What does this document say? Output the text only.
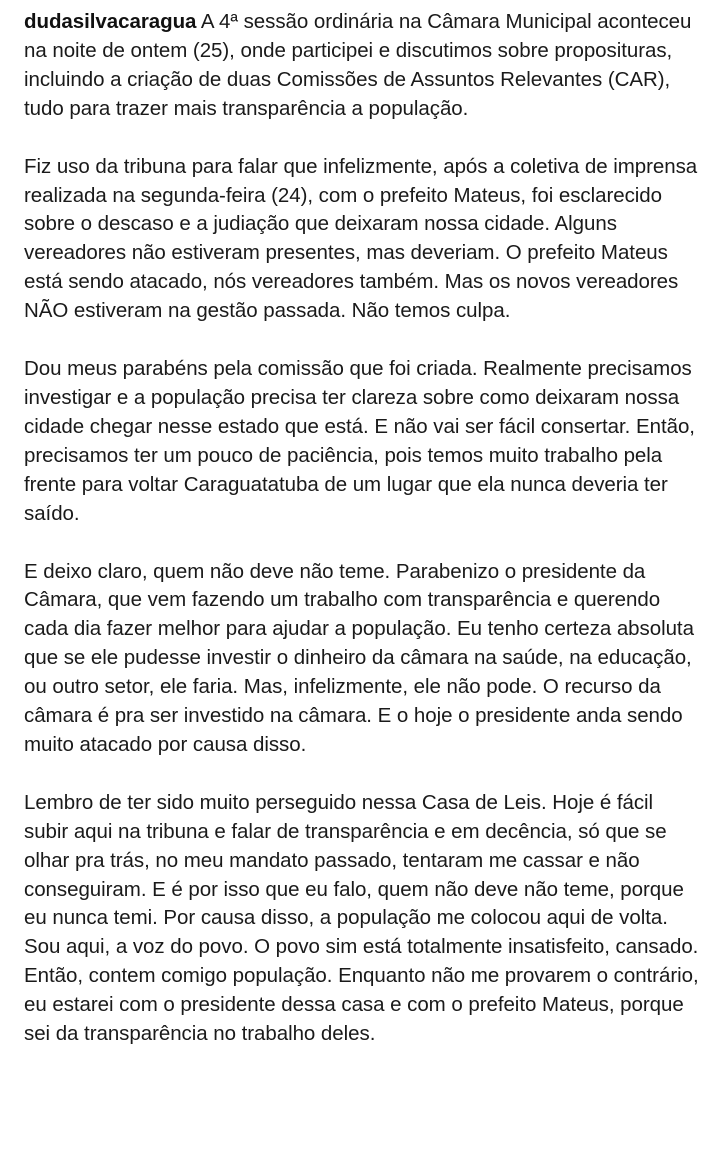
dudasilvacaragua A 4ª sessão ordinária na Câmara Municipal aconteceu na noite de ontem (25), onde participei e discutimos sobre proposituras, incluindo a criação de duas Comissões de Assuntos Relevantes (CAR), tudo para trazer mais transparência a população.

Fiz uso da tribuna para falar que infelizmente, após a coletiva de imprensa realizada na segunda-feira (24), com o prefeito Mateus, foi esclarecido sobre o descaso e a judiação que deixaram nossa cidade. Alguns vereadores não estiveram presentes, mas deveriam. O prefeito Mateus está sendo atacado, nós vereadores também. Mas os novos vereadores NÃO estiveram na gestão passada. Não temos culpa.

Dou meus parabéns pela comissão que foi criada. Realmente precisamos investigar e a população precisa ter clareza sobre como deixaram nossa cidade chegar nesse estado que está. E não vai ser fácil consertar. Então, precisamos ter um pouco de paciência, pois temos muito trabalho pela frente para voltar Caraguatatuba de um lugar que ela nunca deveria ter saído.

E deixo claro, quem não deve não teme. Parabenizo o presidente da Câmara, que vem fazendo um trabalho com transparência e querendo cada dia fazer melhor para ajudar a população. Eu tenho certeza absoluta que se ele pudesse investir o dinheiro da câmara na saúde, na educação, ou outro setor, ele faria. Mas, infelizmente, ele não pode. O recurso da câmara é pra ser investido na câmara. E o hoje o presidente anda sendo muito atacado por causa disso.

Lembro de ter sido muito perseguido nessa Casa de Leis. Hoje é fácil subir aqui na tribuna e falar de transparência e em decência, só que se olhar pra trás, no meu mandato passado, tentaram me cassar e não conseguiram. E é por isso que eu falo, quem não deve não teme, porque eu nunca temi. Por causa disso, a população me colocou aqui de volta. Sou aqui, a voz do povo. O povo sim está totalmente insatisfeito, cansado. Então, contem comigo população. Enquanto não me provarem o contrário, eu estarei com o presidente dessa casa e com o prefeito Mateus, porque sei da transparência no trabalho deles.
